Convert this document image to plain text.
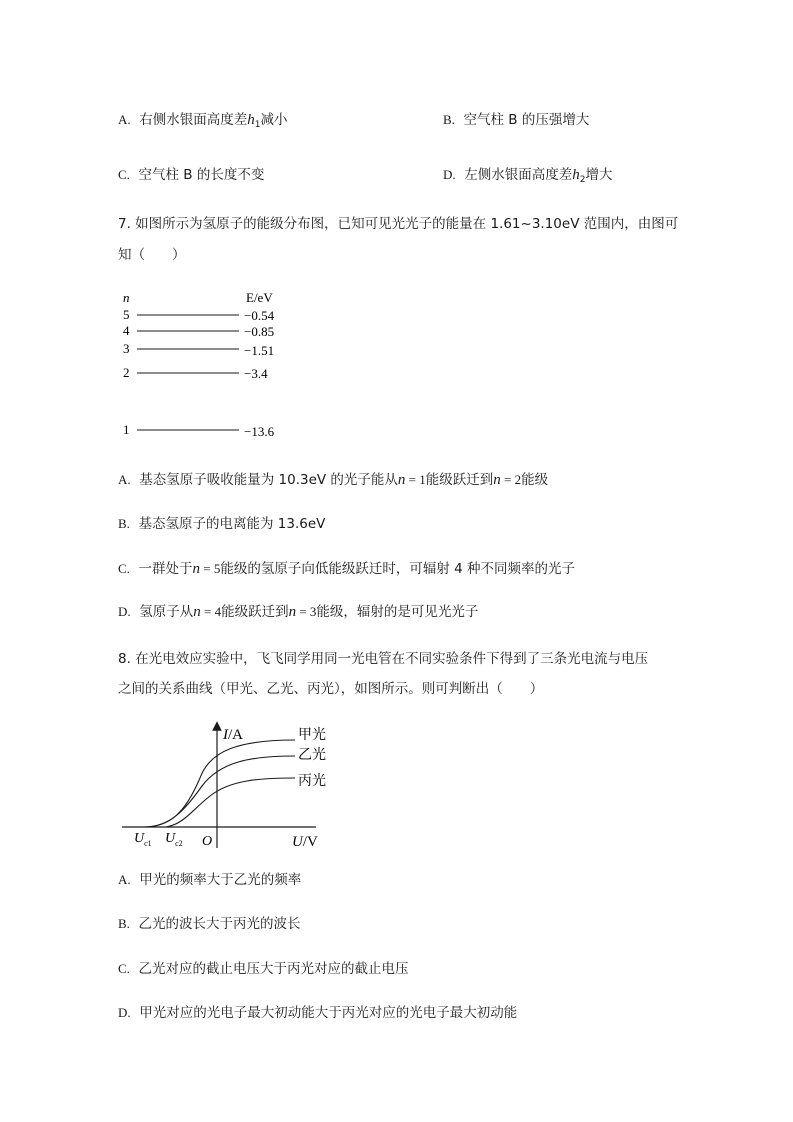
A. 右侧水银面高度差$h_1$减小	B. 空气柱 B 的压强增大
C. 空气柱 B 的长度不变	D. 左侧水银面高度差$h_2$增大
7. 如图所示为氢原子的能级分布图，已知可见光光子的能量在 1.61~3.10eV 范围内，由图可
知（　　）
n	E/eV
5	−0.54
4	−0.85
3	−1.51
2	−3.4
1	−13.6
A. 基态氢原子吸收能量为 10.3eV 的光子能从n = 1能级跃迁到n = 2能级
B. 基态氢原子的电离能为 13.6eV
C. 一群处于n = 5能级的氢原子向低能级跃迁时，可辐射 4 种不同频率的光子
D. 氢原子从n = 4能级跃迁到n = 3能级，辐射的是可见光光子
8. 在光电效应实验中，飞飞同学用同一光电管在不同实验条件下得到了三条光电流与电压
之间的关系曲线（甲光、乙光、丙光），如图所示。则可判断出（　　）
I/A
U/V
O
$U_{c1}$ $U_{c2}$
甲光
乙光
丙光
A. 甲光的频率大于乙光的频率
B. 乙光的波长大于丙光的波长
C. 乙光对应的截止电压大于丙光对应的截止电压
D. 甲光对应的光电子最大初动能大于丙光对应的光电子最大初动能
